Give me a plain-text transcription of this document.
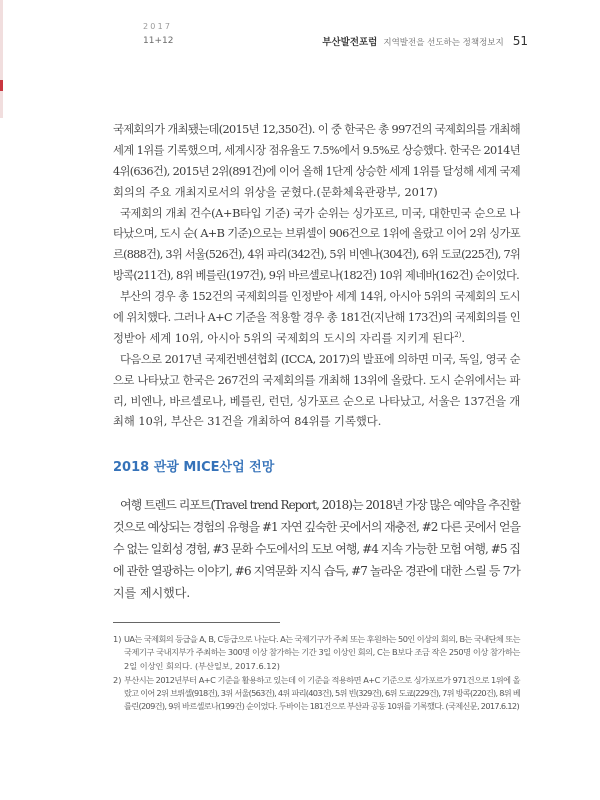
2017
11+12	부산발전포럼 지역발전을 선도하는 정책정보지 51
국제회의가 개최됐는데(2015년 12,350건). 이 중 한국은 총 997건의 국제회의를 개최해
세계 1위를 기록했으며, 세계시장 점유율도 7.5%에서 9.5%로 상승했다. 한국은 2014년
4위(636건), 2015년 2위(891건)에 이어 올해 1단계 상승한 세계 1위를 달성해 세계 국제
회의의 주요 개최지로서의 위상을 굳혔다.(문화체육관광부, 2017)
국제회의 개최 건수(A+B타입 기준) 국가 순위는 싱가포르, 미국, 대한민국 순으로 나
타났으며, 도시 순( A+B 기준)으로는 브뤼셀이 906건으로 1위에 올랐고 이어 2위 싱가포
르(888건), 3위 서울(526건), 4위 파리(342건), 5위 비엔나(304건), 6위 도쿄(225건), 7위
방콕(211건), 8위 베를린(197건), 9위 바르셀로나(182건) 10위 제네바(162건) 순이었다.
부산의 경우 총 152건의 국제회의를 인정받아 세계 14위, 아시아 5위의 국제회의 도시
에 위치했다. 그러나 A+C 기준을 적용할 경우 총 181건(지난해 173건)의 국제회의를 인
정받아 세계 10위, 아시아 5위의 국제회의 도시의 자리를 지키게 된다$^{2)}$.
다음으로 2017년 국제컨벤션협회 (ICCA, 2017)의 발표에 의하면 미국, 독일, 영국 순
으로 나타났고 한국은 267건의 국제회의를 개최해 13위에 올랐다. 도시 순위에서는 파
리, 비엔나, 바르셀로나, 베를린, 런던, 싱가포르 순으로 나타났고, 서울은 137건을 개
최해 10위, 부산은 31건을 개최하여 84위를 기록했다.
2018 관광 MICE산업 전망
여행 트렌드 리포트(Travel trend Report, 2018)는 2018년 가장 많은 예약을 추진할
것으로 예상되는 경험의 유형을 #1 자연 깊숙한 곳에서의 재충전, #2 다른 곳에서 얻을
수 없는 일회성 경험, #3 문화 수도에서의 도보 여행, #4 지속 가능한 모험 여행, #5 집
에 관한 열광하는 이야기, #6 지역문화 지식 습득, #7 놀라운 경관에 대한 스릴 등 7가
지를 제시했다.
1) UA는 국제회의 등급을 A, B, C등급으로 나눈다. A는 국제기구가 주최 또는 후원하는 50인 이상의 회의, B는 국내단체 또는
국제기구 국내지부가 주최하는 300명 이상 참가하는 기간 3일 이상인 회의, C는 B보다 조금 작은 250명 이상 참가하는
2일 이상인 회의다. (부산일보, 2017.6.12)
2) 부산시는 2012년부터 A+C 기준을 활용하고 있는데 이 기준을 적용하면 A+C 기준으로 싱가포르가 971건으로 1위에 올
랐고 이어 2위 브뤼셀(918건), 3위 서울(563건), 4위 파리(403건), 5위 빈(329건), 6위 도쿄(229건), 7위 방콕(220건), 8위 베
를린(209건), 9위 바르셀로나(199건) 순이었다. 두바이는 181건으로 부산과 공동 10위를 기록했다. (국제신문, 2017.6.12)
